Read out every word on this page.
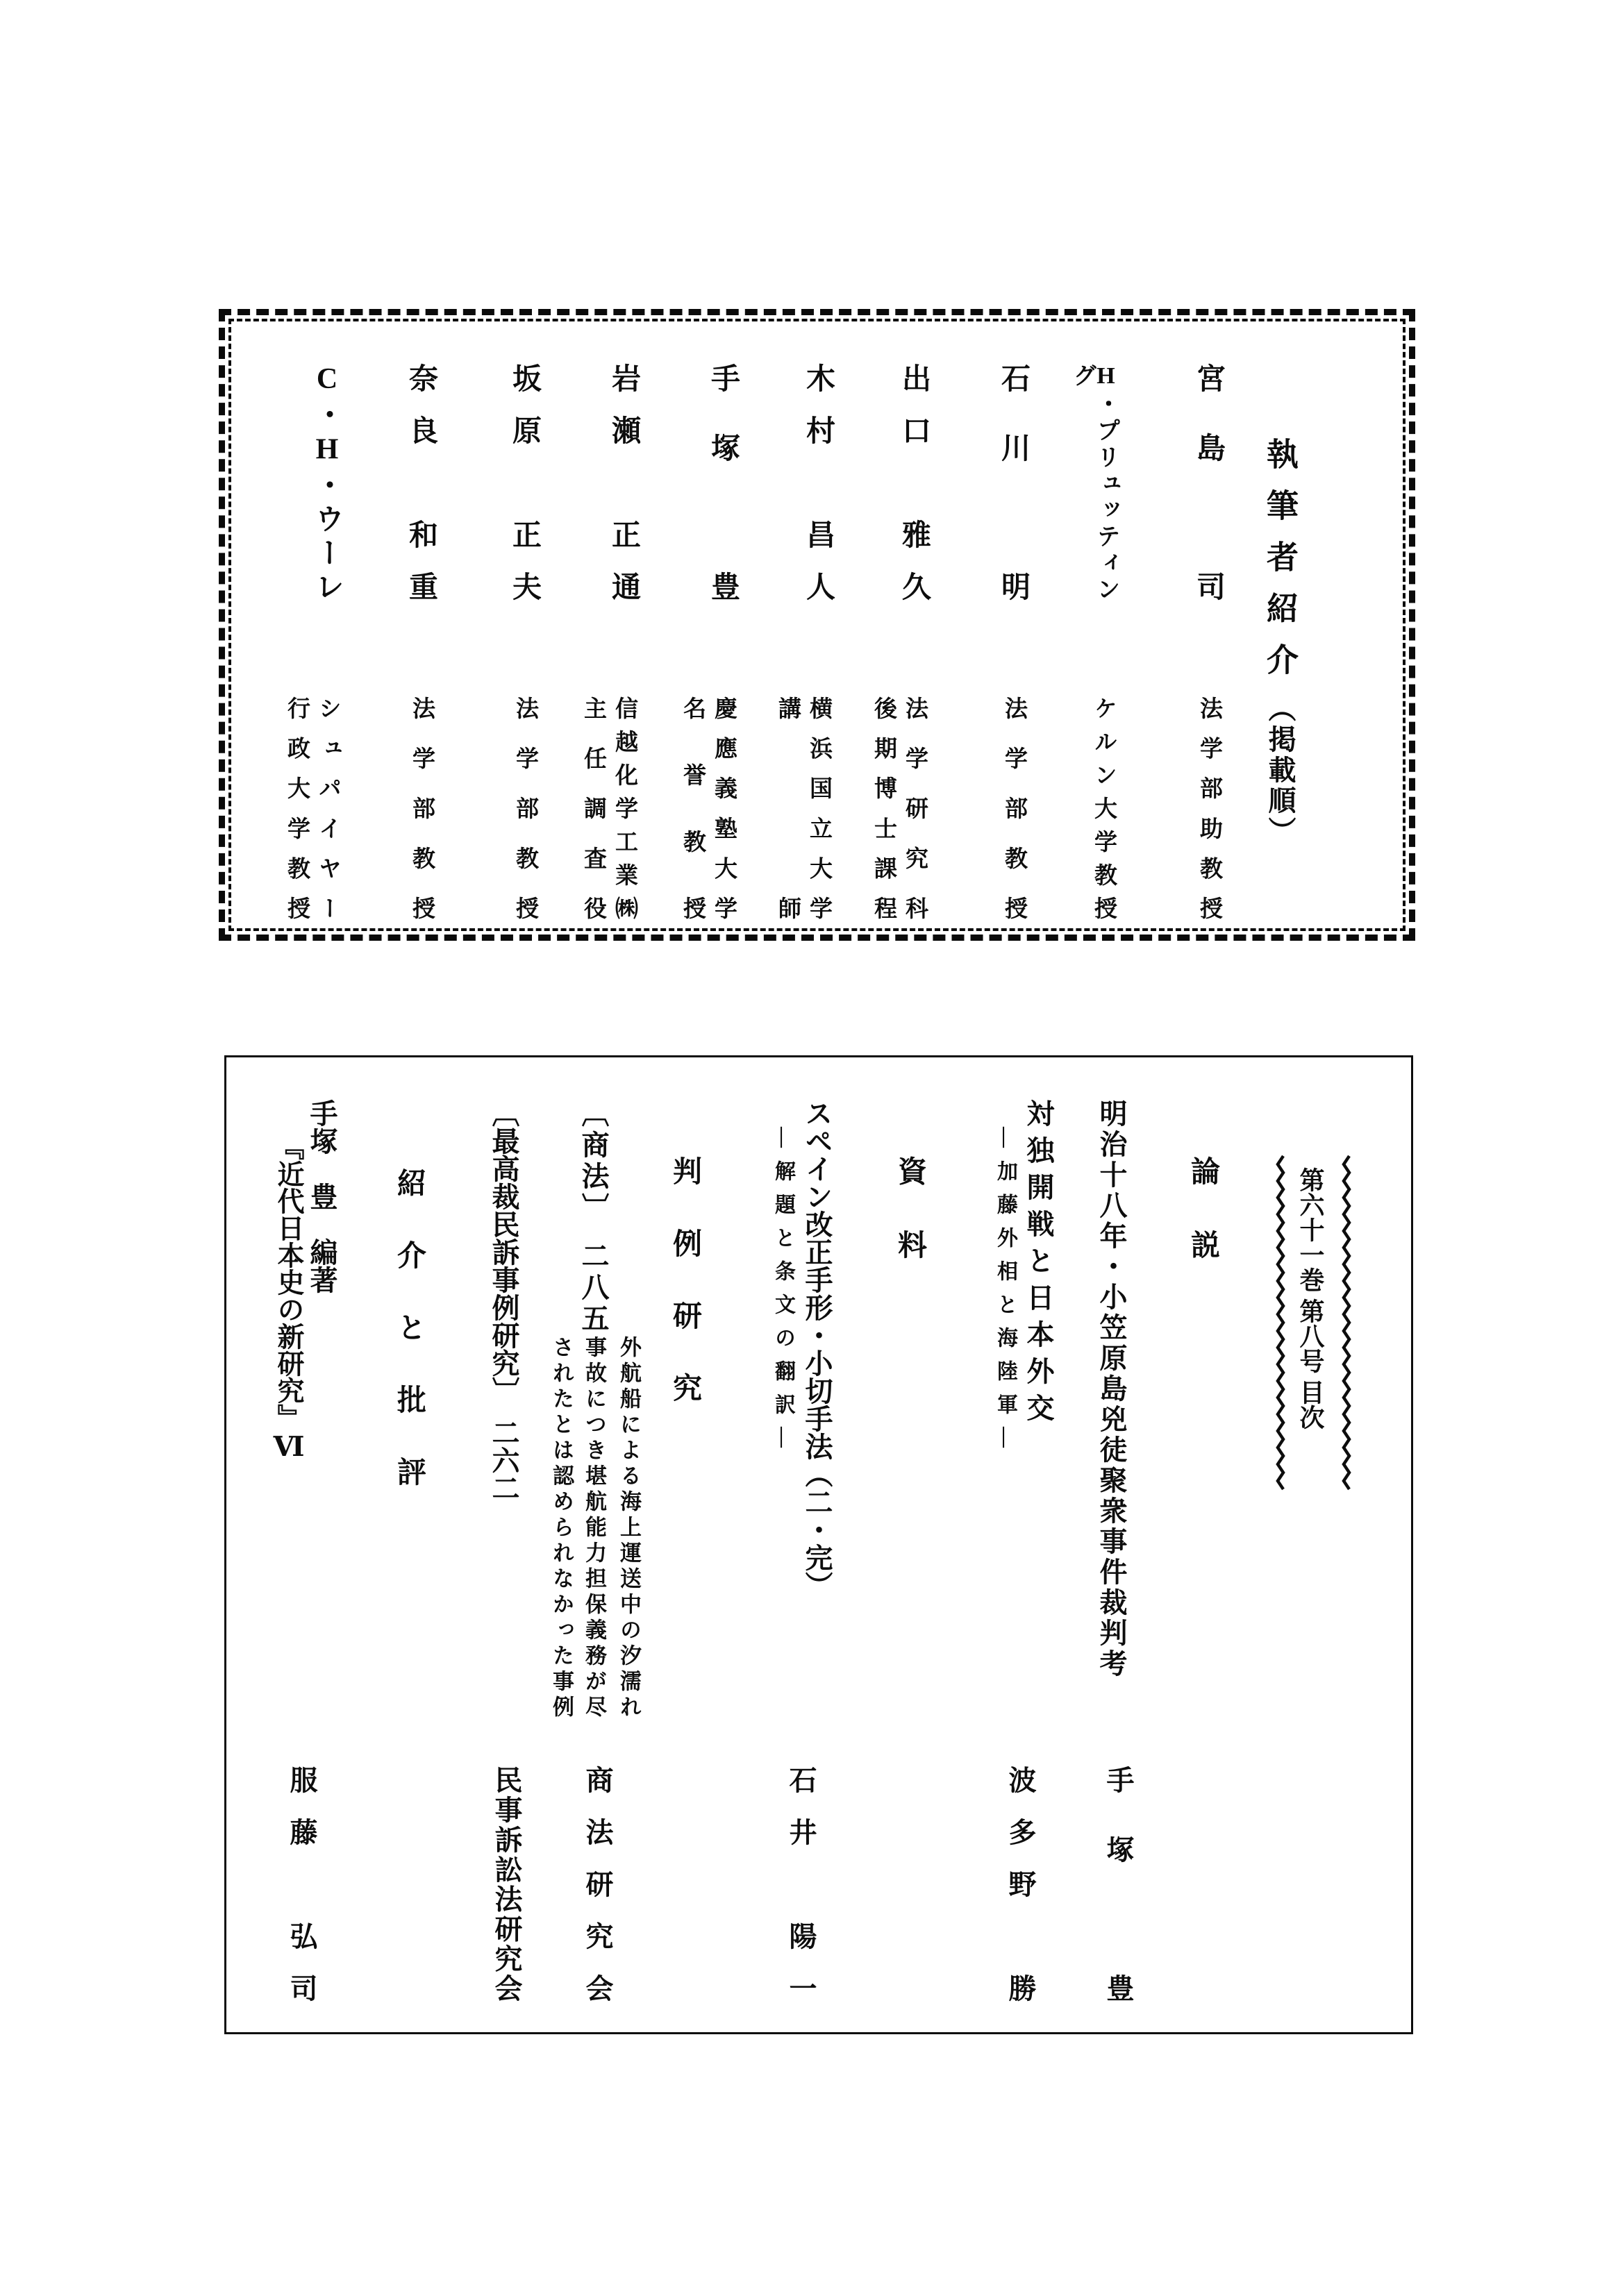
執筆者紹介（掲載順）
宮島　司
法学部助教授
H・プリュッティング
ケルン大学教授
石川　明
法学部教授
出口　雅久
法学研究科
後期博士課程
木村　昌人
横浜国立大学
講師
手塚　豊
慶應義塾大学
名誉教授
岩瀬　正通
信越化学工業㈱
主任調査役
坂原　正夫
法学部教授
奈良　和重
法学部教授
C・H・ウーレ
シュパイヤー
行政大学教授
第六十一巻 第八号 目次
論説
資料
判例研究
紹介と批評	明治十八年・小笠原島兇徒聚衆事件裁判考
手塚　豊
対独開戦と日本外交
―加藤外相と海陸軍―
波多野　勝
スペイン改正手形・小切手法（二・完）
―解題と条文の翻訳―
石井　陽一
〔商法〕　二八五
外航船による海上運送中の汐濡れ
事故につき堪航能力担保義務が尽
されたとは認められなかった事例
商法研究会
〔最高裁民訴事例研究〕　二六二
民事訴訟法研究会
手塚　豊　編著
『近代日本史の新研究』Ⅵ
服藤　弘司
